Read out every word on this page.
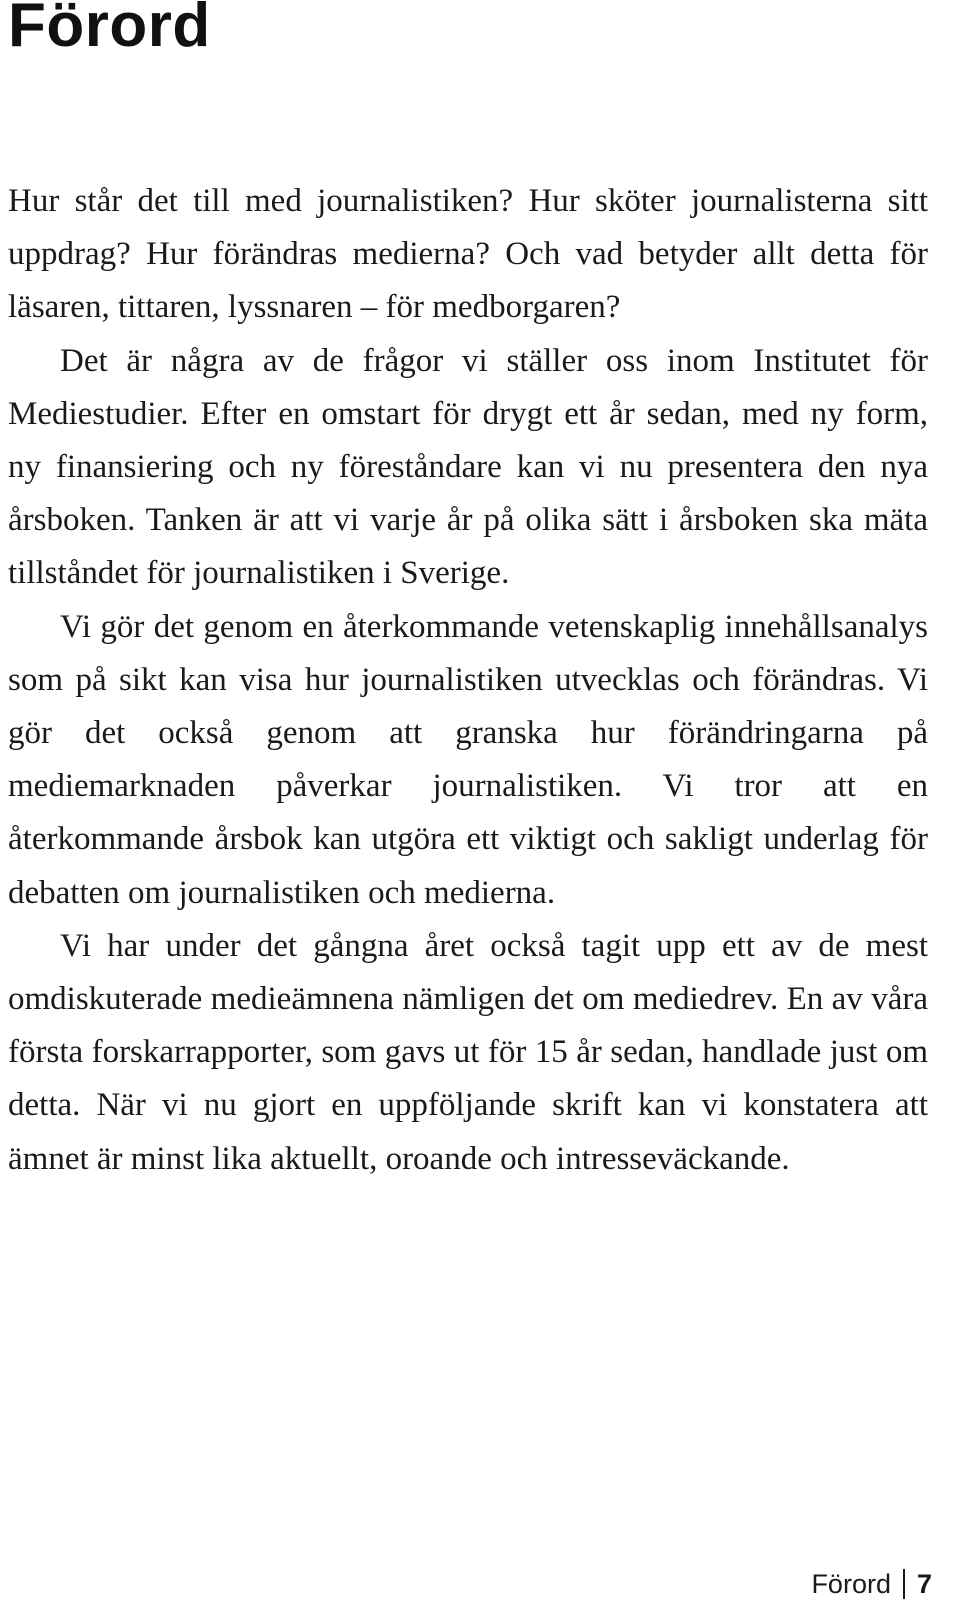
Förord

Hur står det till med journalistiken? Hur sköter journalisterna sitt uppdrag? Hur förändras medierna? Och vad betyder allt detta för läsaren, tittaren, lyssnaren – för medborgaren?

Det är några av de frågor vi ställer oss inom Institutet för Mediestudier. Efter en omstart för drygt ett år sedan, med ny form, ny finansiering och ny föreståndare kan vi nu presentera den nya årsboken. Tanken är att vi varje år på olika sätt i årsboken ska mäta tillståndet för journalistiken i Sverige.

Vi gör det genom en återkommande vetenskaplig innehållsanalys som på sikt kan visa hur journalistiken utvecklas och förändras. Vi gör det också genom att granska hur förändringarna på mediemarknaden påverkar journalistiken. Vi tror att en återkommande årsbok kan utgöra ett viktigt och sakligt underlag för debatten om journalistiken och medierna.

Vi har under det gångna året också tagit upp ett av de mest omdiskuterade medieämnena nämligen det om mediedrev. En av våra första forskarrapporter, som gavs ut för 15 år sedan, handlade just om detta. När vi nu gjort en uppföljande skrift kan vi konstatera att ämnet är minst lika aktuellt, oroande och intresseväckande.

Förord 7
